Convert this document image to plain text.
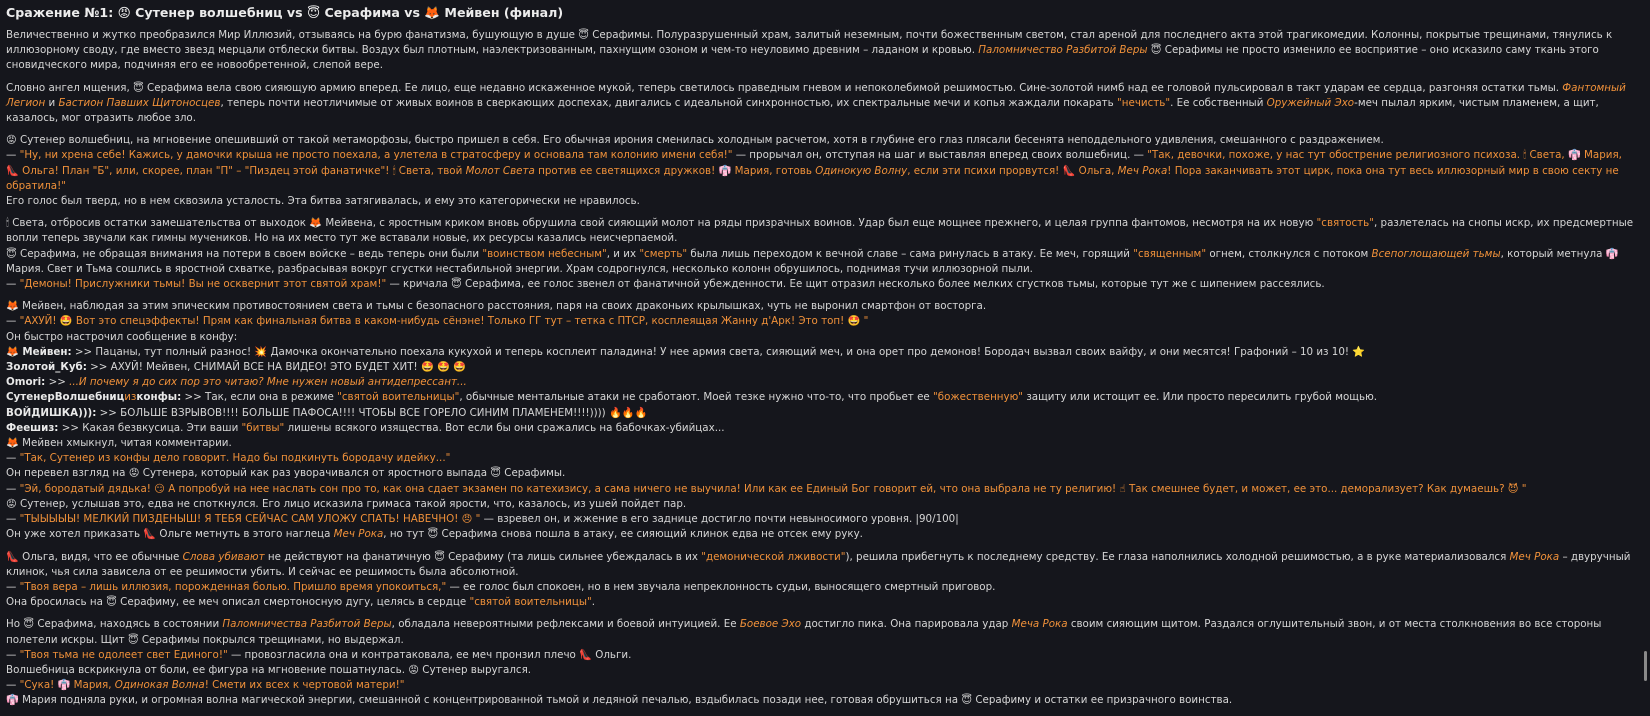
Сражение №1: 😡 Сутенер волшебниц vs 😇 Серафима vs 🦊 Мейвен (финал)
Величественно и жутко преобразился Мир Иллюзий, отзываясь на бурю фанатизма, бушующую в душе 😇 Серафимы. Полуразрушенный храм, залитый неземным, почти божественным светом, стал ареной для последнего акта этой трагикомедии. Колонны, покрытые трещинами, тянулись к иллюзорному своду, где вместо звезд мерцали отблески битвы. Воздух был плотным, наэлектризованным, пахнущим озоном и чем-то неуловимо древним – ладаном и кровью. Паломничество Разбитой Веры 😇 Серафимы не просто изменило ее восприятие – оно исказило саму ткань этого сновидческого мира, подчиняя его ее новообретенной, слепой вере.
Словно ангел мщения, 😇 Серафима вела свою сияющую армию вперед. Ее лицо, еще недавно искаженное мукой, теперь светилось праведным гневом и непоколебимой решимостью. Сине-золотой нимб над ее головой пульсировал в такт ударам ее сердца, разгоняя остатки тьмы. Фантомный Легион и Бастион Павших Щитоносцев, теперь почти неотличимые от живых воинов в сверкающих доспехах, двигались с идеальной синхронностью, их спектральные мечи и копья жаждали покарать "нечисть". Ее собственный Оружейный Эхо-меч пылал ярким, чистым пламенем, а щит, казалось, мог отразить любое зло.
😡 Сутенер волшебниц, на мгновение опешивший от такой метаморфозы, быстро пришел в себя. Его обычная ирония сменилась холодным расчетом, хотя в глубине его глаз плясали бесенята неподдельного удивления, смешанного с раздражением.
— "Ну, ни хрена себе! Кажись, у дамочки крыша не просто поехала, а улетела в стратосферу и основала там колонию имени себя!" — прорычал он, отступая на шаг и выставляя вперед своих волшебниц. — "Так, девочки, похоже, у нас тут обострение религиозного психоза. 🕯 Света, 👘 Мария, 👠 Ольга! План "Б", или, скорее, план "П" – "Пиздец этой фанатичке"! 🕯 Света, твой Молот Света против ее светящихся дружков! 👘 Мария, готовь Одинокую Волну, если эти психи прорвутся! 👠 Ольга, Меч Рока! Пора заканчивать этот цирк, пока она тут весь иллюзорный мир в свою секту не обратила!"
Его голос был тверд, но в нем сквозила усталость. Эта битва затягивалась, и ему это категорически не нравилось.
🕯 Света, отбросив остатки замешательства от выходок 🦊 Мейвена, с яростным криком вновь обрушила свой сияющий молот на ряды призрачных воинов. Удар был еще мощнее прежнего, и целая группа фантомов, несмотря на их новую "святость", разлетелась на снопы искр, их предсмертные вопли теперь звучали как гимны мучеников. Но на их место тут же вставали новые, их ресурсы казались неисчерпаемой.
😇 Серафима, не обращая внимания на потери в своем войске – ведь теперь они были "воинством небесным", и их "смерть" была лишь переходом к вечной славе – сама ринулась в атаку. Ее меч, горящий "священным" огнем, столкнулся с потоком Всепоглощающей тьмы, который метнула 👘 Мария. Свет и Тьма сошлись в яростной схватке, разбрасывая вокруг сгустки нестабильной энергии. Храм содрогнулся, несколько колонн обрушилось, поднимая тучи иллюзорной пыли.
— "Демоны! Прислужники тьмы! Вы не осквернит этот святой храм!" — кричала 😇 Серафима, ее голос звенел от фанатичной убежденности. Ее щит отразил несколько более мелких сгустков тьмы, которые тут же с шипением рассеялись.
🦊 Мейвен, наблюдая за этим эпическим противостоянием света и тьмы с безопасного расстояния, паря на своих драконьих крылышках, чуть не выронил смартфон от восторга.
— "АХУЙ! 🤩 Вот это спецэффекты! Прям как финальная битва в каком-нибудь сёнэне! Только ГГ тут – тетка с ПТСР, косплеящая Жанну д'Арк! Это топ! 🤩 "
Он быстро настрочил сообщение в конфу:
🦊 Мейвен: >> Пацаны, тут полный разнос! 💥 Дамочка окончательно поехала кукухой и теперь косплеит паладина! У нее армия света, сияющий меч, и она орет про демонов! Бородач вызвал своих вайфу, и они месятся! Графоний – 10 из 10! ⭐
Золотой_Куб: >> АХУЙ! Мейвен, СНИМАЙ ВСЕ НА ВИДЕО! ЭТО БУДЕТ ХИТ! 🤩 🤩 🤩
Omori: >> ...И почему я до сих пор это читаю? Мне нужен новый антидепрессант...
СутенерВолшебницизконфы: >> Так, если она в режиме "святой воительницы", обычные ментальные атаки не сработают. Моей тезке нужно что-то, что пробьет ее "божественную" защиту или истощит ее. Или просто пересилить грубой мощью.
ВОЙДИШКА))): >> БОЛЬШЕ ВЗРЫВОВ!!!! БОЛЬШЕ ПАФОСА!!!! ЧТОБЫ ВСЕ ГОРЕЛО СИНИМ ПЛАМЕНЕМ!!!!)))) 🔥🔥🔥
Феешиз: >> Какая безвкусица. Эти ваши "битвы" лишены всякого изящества. Вот если бы они сражались на бабочках-убийцах...
🦊 Мейвен хмыкнул, читая комментарии.
— "Так, Сутенер из конфы дело говорит. Надо бы подкинуть бородачу идейку..."
Он перевел взгляд на 😡 Сутенера, который как раз уворачивался от яростного выпада 😇 Серафимы.
— "Эй, бородатый дядька! 😏 А попробуй на нее наслать сон про то, как она сдает экзамен по катехизису, а сама ничего не выучила! Или как ее Единый Бог говорит ей, что она выбрала не ту религию! ☝ Так смешнее будет, и может, ее это... деморализует? Как думаешь? 😈 "
😡 Сутенер, услышав это, едва не споткнулся. Его лицо исказила гримаса такой ярости, что, казалось, из ушей пойдет пар.
— "ТЫЫЫЫЫ! МЕЛКИЙ ПИЗДЕНЫШ! Я ТЕБЯ СЕЙЧАС САМ УЛОЖУ СПАТЬ! НАВЕЧНО! 😠 " — взревел он, и жжение в его заднице достигло почти невыносимого уровня. |90/100|
Он уже хотел приказать 👠 Ольге метнуть в этого наглеца Меч Рока, но тут 😇 Серафима снова пошла в атаку, ее сияющий клинок едва не отсек ему руку.
👠 Ольга, видя, что ее обычные Слова убивают не действуют на фанатичную 😇 Серафиму (та лишь сильнее убеждалась в их "демонической лживости"), решила прибегнуть к последнему средству. Ее глаза наполнились холодной решимостью, а в руке материализовался Меч Рока – двуручный клинок, чья сила зависела от ее решимости убить. И сейчас ее решимость была абсолютной.
— "Твоя вера – лишь иллюзия, порожденная болью. Пришло время упокоиться," — ее голос был спокоен, но в нем звучала непреклонность судьи, выносящего смертный приговор.
Она бросилась на 😇 Серафиму, ее меч описал смертоносную дугу, целясь в сердце "святой воительницы".
Но 😇 Серафима, находясь в состоянии Паломничества Разбитой Веры, обладала невероятными рефлексами и боевой интуицией. Ее Боевое Эхо достигло пика. Она парировала удар Меча Рока своим сияющим щитом. Раздался оглушительный звон, и от места столкновения во все стороны полетели искры. Щит 😇 Серафимы покрылся трещинами, но выдержал.
— "Твоя тьма не одолеет свет Единого!" — провозгласила она и контратаковала, ее меч пронзил плечо 👠 Ольги.
Волшебница вскрикнула от боли, ее фигура на мгновение пошатнулась. 😡 Сутенер выругался.
— "Сука! 👘 Мария, Одинокая Волна! Смети их всех к чертовой матери!"
👘 Мария подняла руки, и огромная волна магической энергии, смешанной с концентрированной тьмой и ледяной печалью, вздыбилась позади нее, готовая обрушиться на 😇 Серафиму и остатки ее призрачного воинства.
